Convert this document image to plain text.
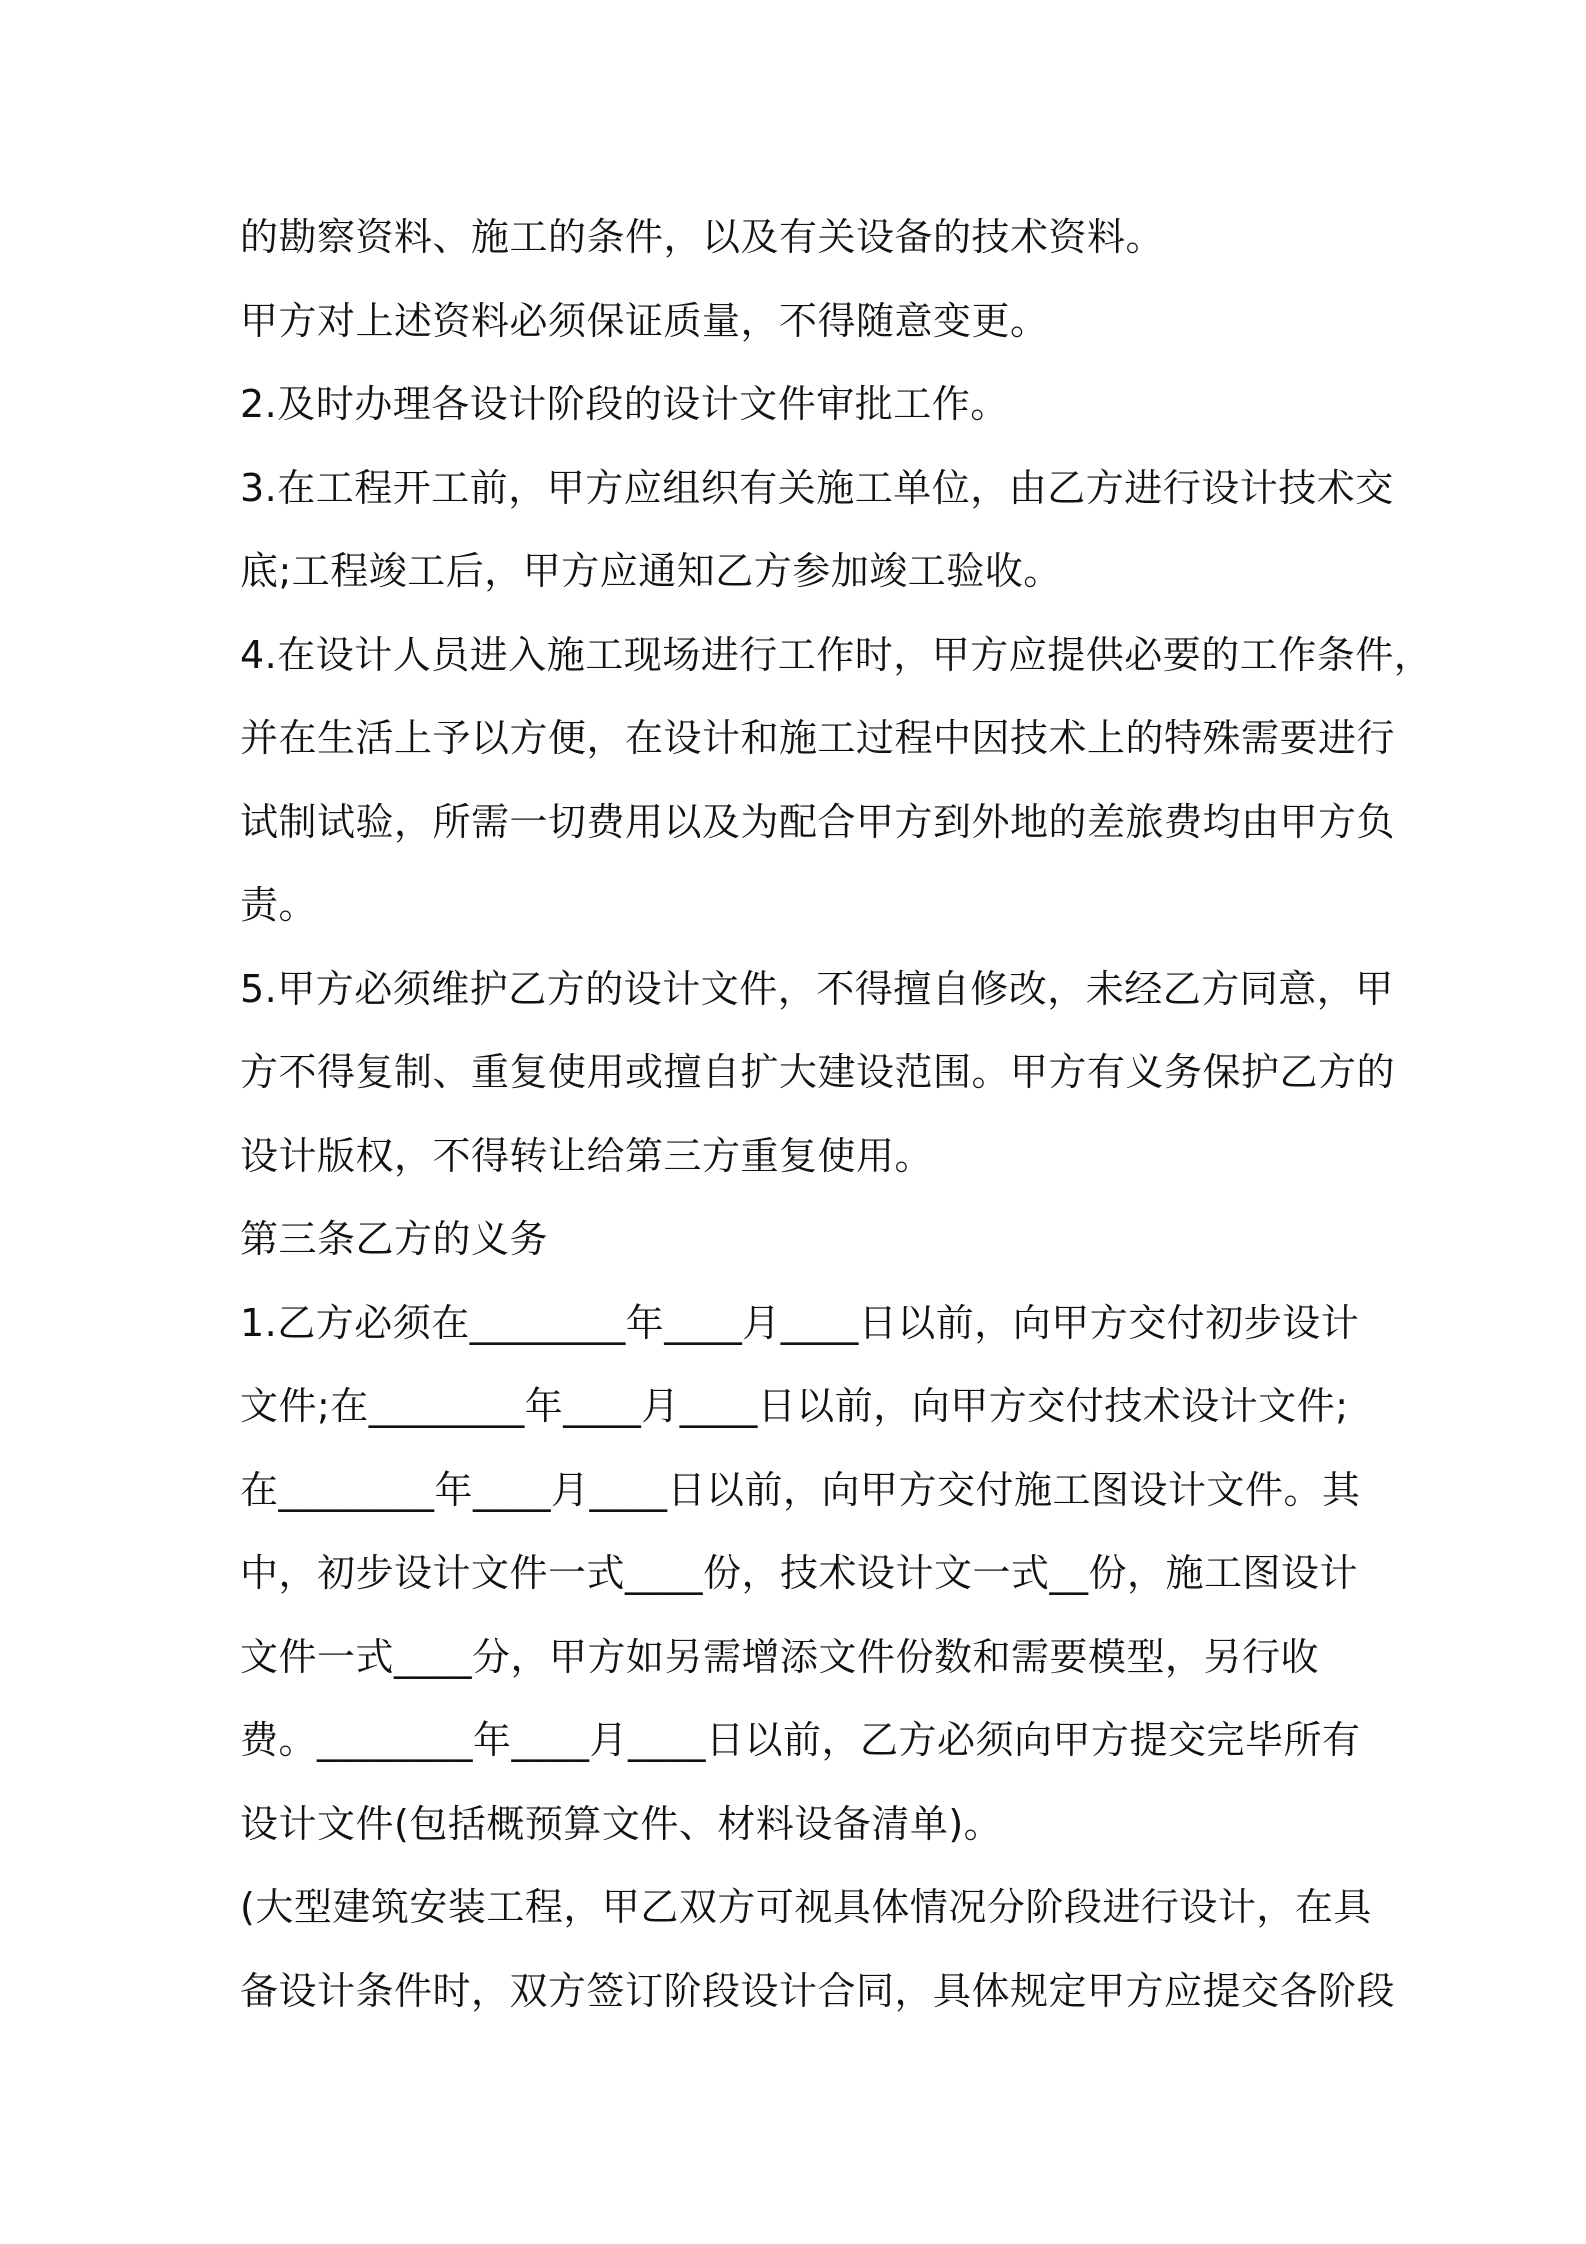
的勘察资料、施工的条件，以及有关设备的技术资料。
甲方对上述资料必须保证质量，不得随意变更。
2.及时办理各设计阶段的设计文件审批工作。
3.在工程开工前，甲方应组织有关施工单位，由乙方进行设计技术交
底;工程竣工后，甲方应通知乙方参加竣工验收。
4.在设计人员进入施工现场进行工作时，甲方应提供必要的工作条件，
并在生活上予以方便，在设计和施工过程中因技术上的特殊需要进行
试制试验，所需一切费用以及为配合甲方到外地的差旅费均由甲方负
责。
5.甲方必须维护乙方的设计文件，不得擅自修改，未经乙方同意，甲
方不得复制、重复使用或擅自扩大建设范围。甲方有义务保护乙方的
设计版权，不得转让给第三方重复使用。
第三条乙方的义务
1.乙方必须在________年____月____日以前，向甲方交付初步设计
文件;在________年____月____日以前，向甲方交付技术设计文件;
在________年____月____日以前，向甲方交付施工图设计文件。其
中，初步设计文件一式____份，技术设计文一式__份，施工图设计
文件一式____分，甲方如另需增添文件份数和需要模型，另行收
费。________年____月____日以前，乙方必须向甲方提交完毕所有
设计文件(包括概预算文件、材料设备清单)。
(大型建筑安装工程，甲乙双方可视具体情况分阶段进行设计，在具
备设计条件时，双方签订阶段设计合同，具体规定甲方应提交各阶段
